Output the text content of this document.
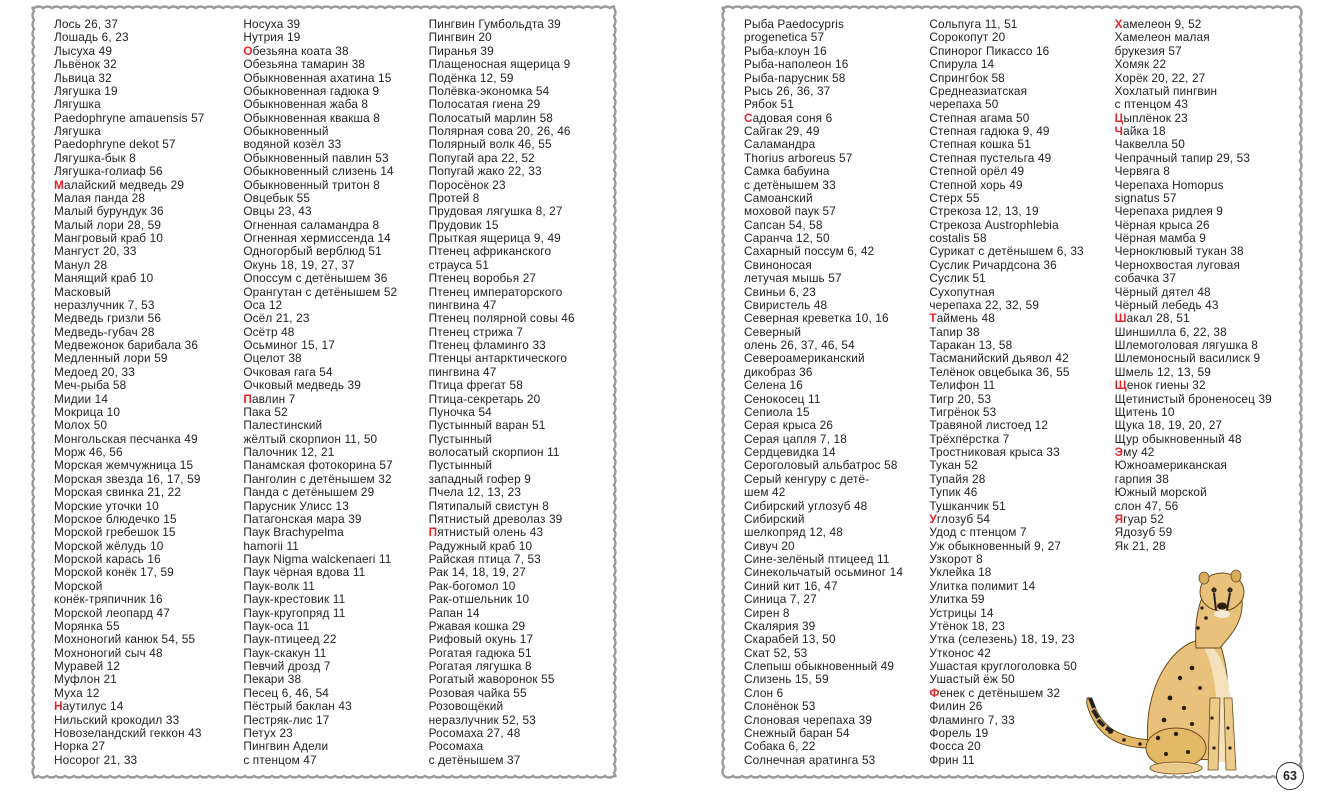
Лось 26, 37
Лошадь 6, 23
Лысуха 49
Львёнок 32
Львица 32
Лягушка 19
Лягушка
Paedophryne amauensis 57
Лягушка
Paedophryne dekot 57
Лягушка-бык 8
Лягушка-голиаф 56
Малайский медведь 29
Малая панда 28
Малый бурундук 36
Малый лори 28, 59
Мангровый краб 10
Мангуст 20, 33
Манул 28
Манящий краб 10
Масковый
неразлучник 7, 53
Медведь гризли 56
Медведь-губач 28
Медвежонок барибала 36
Медленный лори 59
Медоед 20, 33
Меч-рыба 58
Мидии 14
Мокрица 10
Молох 50
Монгольская песчанка 49
Морж 46, 56
Морская жемчужница 15
Морская звезда 16, 17, 59
Морская свинка 21, 22
Морские уточки 10
Морское блюдечко 15
Морской гребешок 15
Морской жёлудь 10
Морской карась 16
Морской конёк 17, 59
Морской
конёк-тряпичник 16
Морской леопард 47
Морянка 55
Мохноногий канюк 54, 55
Мохноногий сыч 48
Муравей 12
Муфлон 21
Муха 12
Наутилус 14
Нильский крокодил 33
Новозеландский геккон 43
Норка 27
Носорог 21, 33
Носуха 39
Нутрия 19
Обезьяна коата 38
Обезьяна тамарин 38
Обыкновенная ахатина 15
Обыкновенная гадюка 9
Обыкновенная жаба 8
Обыкновенная квакша 8
Обыкновенный
водяной козёл 33
Обыкновенный павлин 53
Обыкновенный слизень 14
Обыкновенный тритон 8
Овцебык 55
Овцы 23, 43
Огненная саламандра 8
Огненная хермиссенда 14
Одногорбый верблюд 51
Окунь 18, 19, 27, 37
Опоссум с детёнышем 36
Орангутан с детёнышем 52
Оса 12
Осёл 21, 23
Осётр 48
Осьминог 15, 17
Оцелот 38
Очковая гага 54
Очковый медведь 39
Павлин 7
Пака 52
Палестинский
жёлтый скорпион 11, 50
Палочник 12, 21
Панамская фотокорина 57
Панголин с детёнышем 32
Панда с детёнышем 29
Парусник Улисс 13
Патагонская мара 39
Паук Brachypelma
hamorii 11
Паук Nigma walckenaeri 11
Паук чёрная вдова 11
Паук-волк 11
Паук-крестовик 11
Паук-кругопряд 11
Паук-оса 11
Паук-птицеед 22
Паук-скакун 11
Певчий дрозд 7
Пекари 38
Песец 6, 46, 54
Пёстрый баклан 43
Пестряк-лис 17
Петух 23
Пингвин Адели
с птенцом 47
Пингвин Гумбольдта 39
Пингвин 20
Пиранья 39
Плащеносная ящерица 9
Подёнка 12, 59
Полёвка-экономка 54
Полосатая гиена 29
Полосатый марлин 58
Полярная сова 20, 26, 46
Полярный волк 46, 55
Попугай ара 22, 52
Попугай жако 22, 33
Поросёнок 23
Протей 8
Прудовая лягушка 8, 27
Прудовик 15
Прыткая ящерица 9, 49
Птенец африканского
страуса 51
Птенец воробья 27
Птенец императорского
пингвина 47
Птенец полярной совы 46
Птенец стрижа 7
Птенец фламинго 33
Птенцы антарктического
пингвина 47
Птица фрегат 58
Птица-секретарь 20
Пуночка 54
Пустынный варан 51
Пустынный
волосатый скорпион 11
Пустынный
западный гофер 9
Пчела 12, 13, 23
Пятипалый свистун 8
Пятнистый древолаз 39
Пятнистый олень 43
Радужный краб 10
Райская птица 7, 53
Рак 14, 18, 19, 27
Рак-богомол 10
Рак-отшельник 10
Рапан 14
Ржавая кошка 29
Рифовый окунь 17
Рогатая гадюка 51
Рогатая лягушка 8
Рогатый жаворонок 55
Розовая чайка 55
Розовощёкий
неразлучник 52, 53
Росомаха 27, 48
Росомаха
с детёнышем 37
Рыба Paedocypris
progenetica 57
Рыба-клоун 16
Рыба-наполеон 16
Рыба-парусник 58
Рысь 26, 36, 37
Рябок 51
Садовая соня 6
Сайгак 29, 49
Саламандра
Thorius arboreus 57
Самка бабуина
с детёнышем 33
Самоанский
моховой паук 57
Сапсан 54, 58
Саранча 12, 50
Сахарный поссум 6, 42
Свиноносая
летучая мышь 57
Свиньи 6, 23
Свиристель 48
Северная креветка 10, 16
Северный
олень 26, 37, 46, 54
Североамериканский
дикобраз 36
Селена 16
Сенокосец 11
Сепиола 15
Серая крыса 26
Серая цапля 7, 18
Сердцевидка 14
Сероголовый альбатрос 58
Серый кенгуру с детё-
шем 42
Сибирский углозуб 48
Сибирский
шелкопряд 12, 48
Сивуч 20
Сине-зелёный птицеед 11
Синекольчатый осьминог 14
Синий кит 16, 47
Синица 7, 27
Сирен 8
Скалярия 39
Скарабей 13, 50
Скат 52, 53
Слепыш обыкновенный 49
Слизень 15, 59
Слон 6
Слонёнок 53
Слоновая черепаха 39
Снежный баран 54
Собака 6, 22
Солнечная аратинга 53
Сольпуга 11, 51
Сорокопут 20
Спинорог Пикассо 16
Спирула 14
Спрингбок 58
Среднеазиатская
черепаха 50
Степная агама 50
Степная гадюка 9, 49
Степная кошка 51
Степная пустельга 49
Степной орёл 49
Степной хорь 49
Стерх 55
Стрекоза 12, 13, 19
Стрекоза Austrophlebia
costalis 58
Сурикат с детёнышем 6, 33
Суслик Ричардсона 36
Суслик 51
Сухопутная
черепаха 22, 32, 59
Таймень 48
Тапир 38
Таракан 13, 58
Тасманийский дьявол 42
Телёнок овцебыка 36, 55
Телифон 11
Тигр 20, 53
Тигрёнок 53
Травяной листоед 12
Трёхпёрстка 7
Тростниковая крыса 33
Тукан 52
Тупайя 28
Тупик 46
Тушканчик 51
Углозуб 54
Удод с птенцом 7
Уж обыкновенный 9, 27
Узкорот 8
Уклейка 18
Улитка полимит 14
Улитка 59
Устрицы 14
Утёнок 18, 23
Утка (селезень) 18, 19, 23
Утконос 42
Ушастая круглоголовка 50
Ушастый ёж 50
Фенек с детёнышем 32
Филин 26
Фламинго 7, 33
Форель 19
Фосса 20
Фрин 11
Хамелеон 9, 52
Хамелеон малая
брукезия 57
Хомяк 22
Хорёк 20, 22, 27
Хохлатый пингвин
с птенцом 43
Цыплёнок 23
Чайка 18
Чаквелла 50
Чепрачный тапир 29, 53
Червяга 8
Черепаха Homopus
signatus 57
Черепаха ридлея 9
Чёрная крыса 26
Чёрная мамба 9
Черноклювый тукан 38
Чернохвостая луговая
собачка 37
Чёрный дятел 48
Чёрный лебедь 43
Шакал 28, 51
Шиншилла 6, 22, 38
Шлемоголовая лягушка 8
Шлемоносный василиск 9
Шмель 12, 13, 59
Щенок гиены 32
Щетинистый броненосец 39
Щитень 10
Щука 18, 19, 20, 27
Щур обыкновенный 48
Эму 42
Южноамериканская
гарпия 38
Южный морской
слон 47, 56
Ягуар 52
Ядозуб 59
Як 21, 28
63
